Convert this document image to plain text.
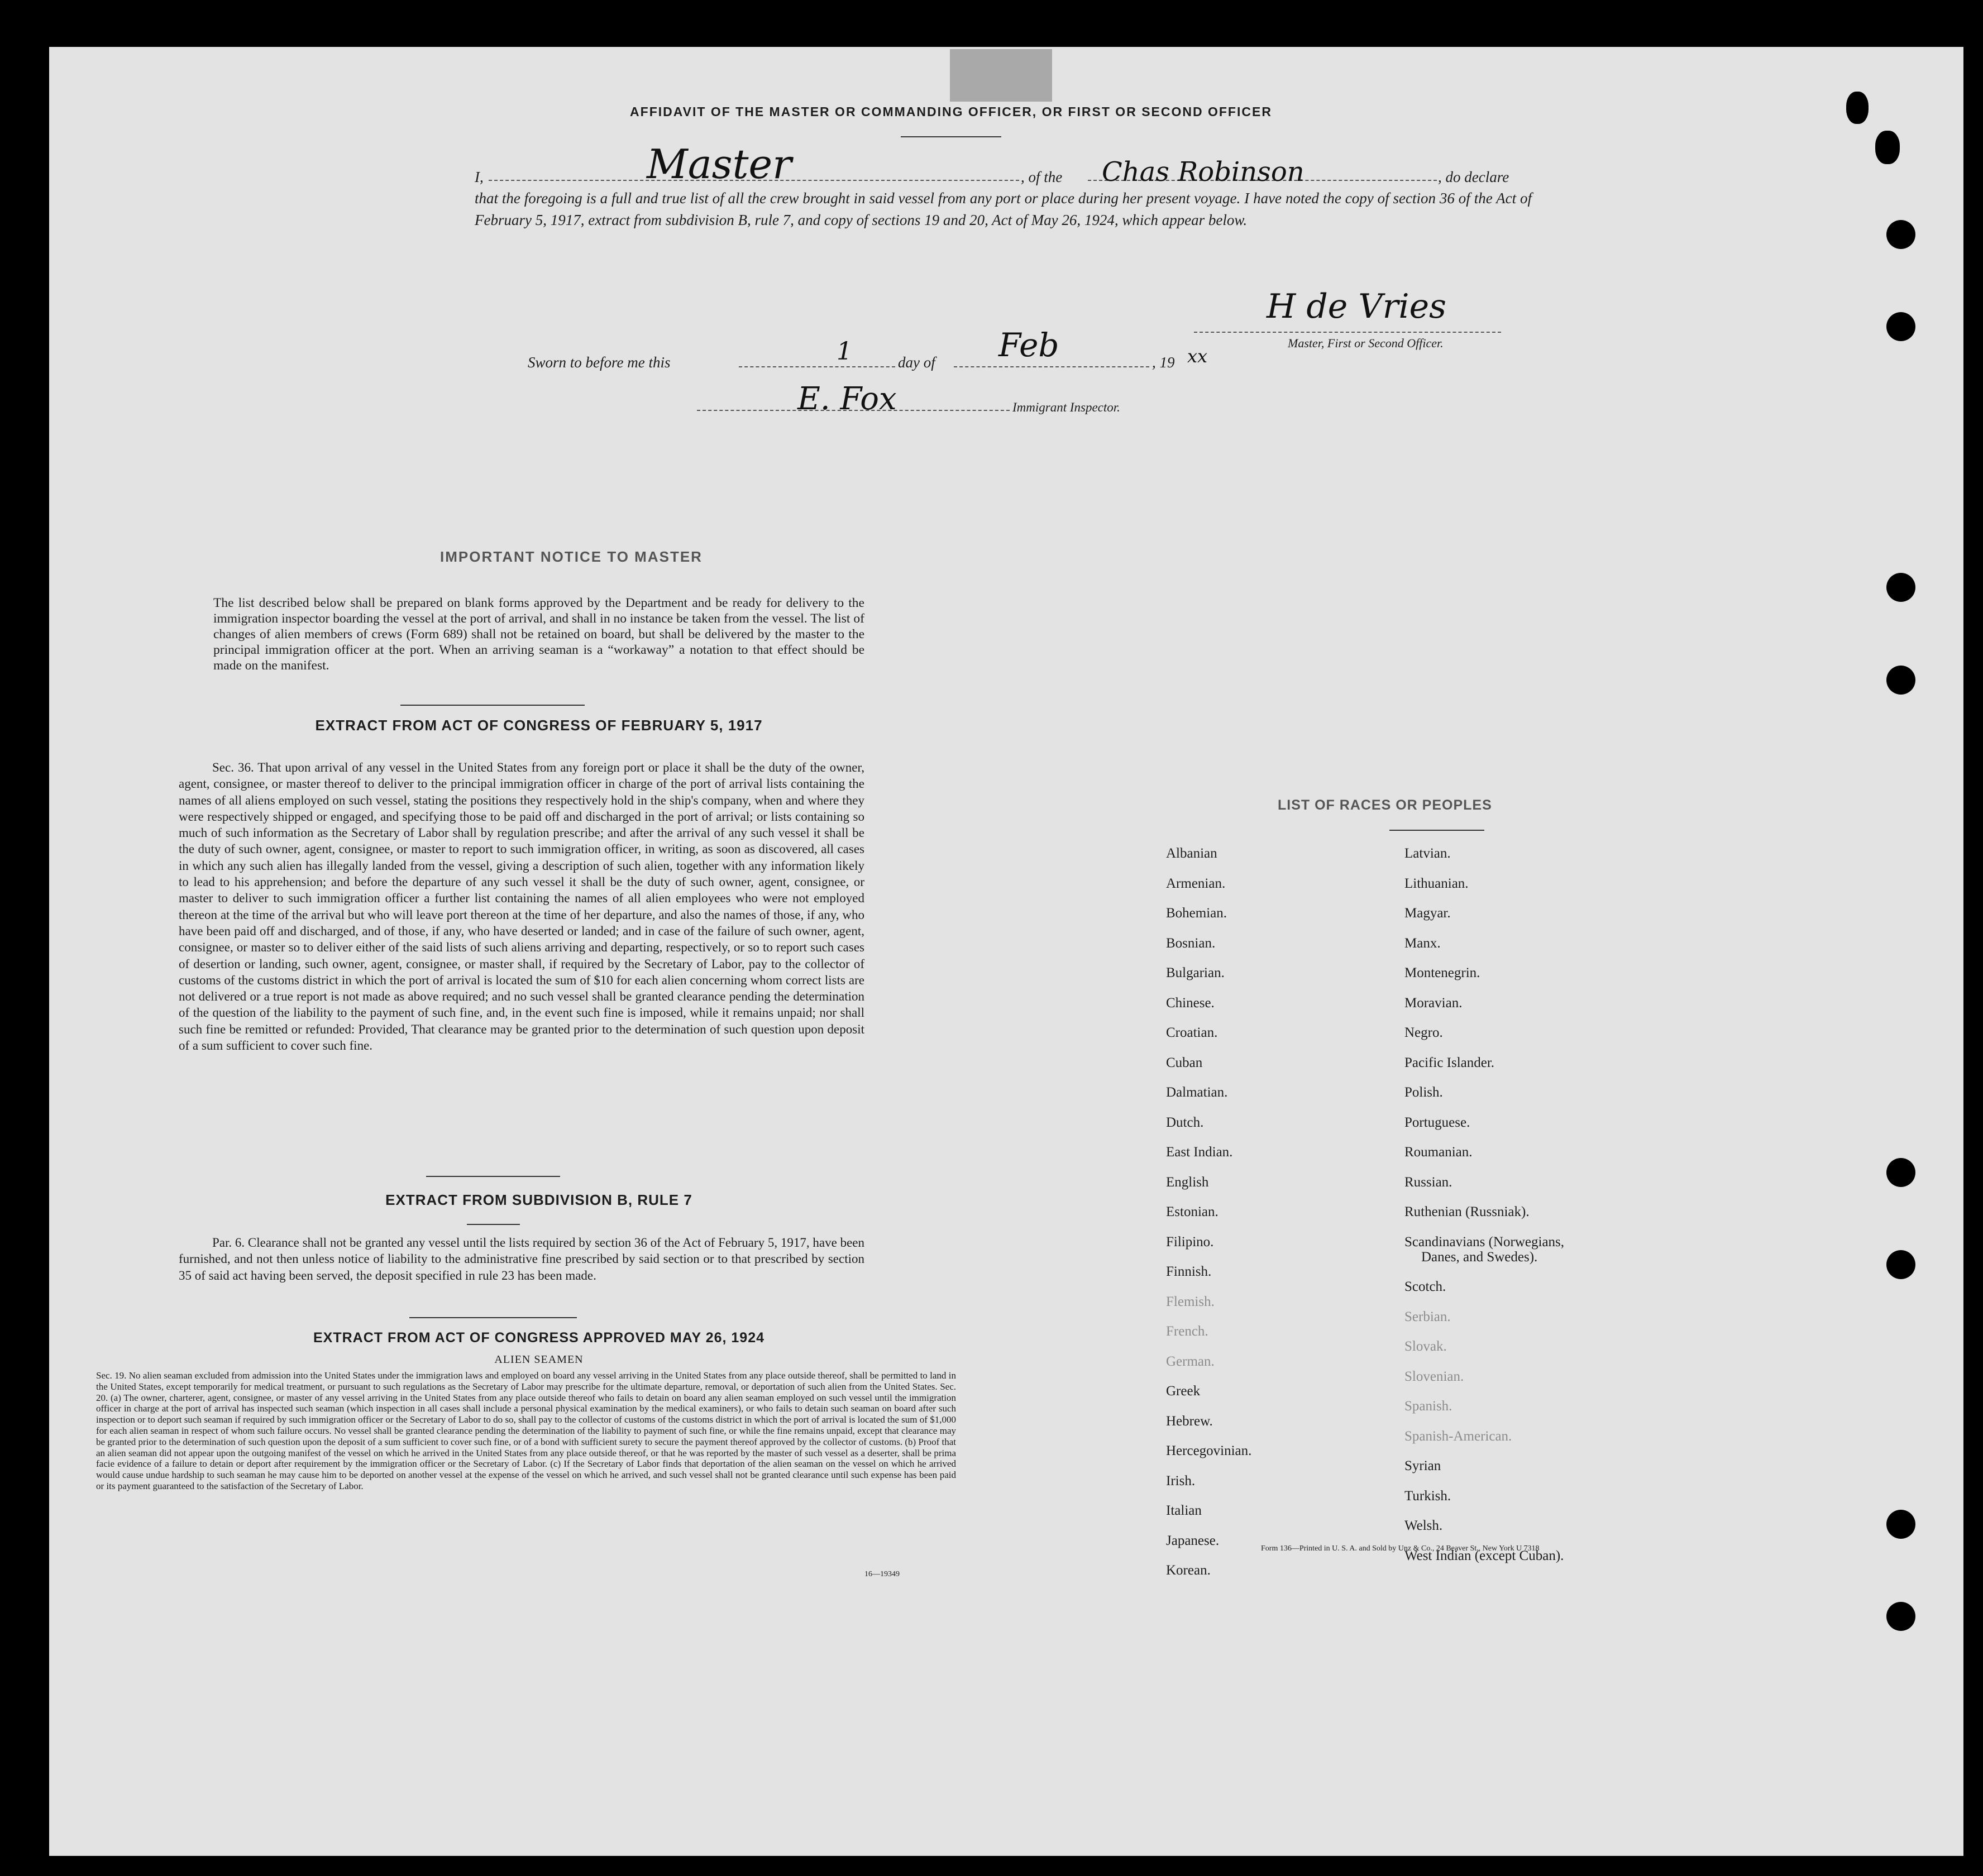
AFFIDAVIT OF THE MASTER OR COMMANDING OFFICER, OR FIRST OR SECOND OFFICER
I,	Master	, of the Chas Robinson	, do declare
that the foregoing is a full and true list of all the crew brought in said vessel from any port or place during her present voyage. I have noted the copy of section 36 of the Act of February 5, 1917, extract from subdivision B, rule 7, and copy of sections 19 and 20, Act of May 26, 1924, which appear below.
H de Vries
Master, First or Second Officer.
Sworn to before me this	1	day of Feb	, 19 xx
E. Fox	Immigrant Inspector.
IMPORTANT NOTICE TO MASTER
The list described below shall be prepared on blank forms approved by the Department and be ready for delivery to the immigration inspector boarding the vessel at the port of arrival, and shall in no instance be taken from the vessel. The list of changes of alien members of crews (Form 689) shall not be retained on board, but shall be delivered by the master to the principal immigration officer at the port. When an arriving seaman is a “workaway” a notation to that effect should be made on the manifest.
EXTRACT FROM ACT OF CONGRESS OF FEBRUARY 5, 1917
Sec. 36. That upon arrival of any vessel in the United States from any foreign port or place it shall be the duty of the owner, agent, consignee, or master thereof to deliver to the principal immigration officer in charge of the port of arrival lists containing the names of all aliens employed on such vessel, stating the positions they respectively hold in the ship's company, when and where they were respectively shipped or engaged, and specifying those to be paid off and discharged in the port of arrival; or lists containing so much of such information as the Secretary of Labor shall by regulation prescribe; and after the arrival of any such vessel it shall be the duty of such owner, agent, consignee, or master to report to such immigration officer, in writing, as soon as discovered, all cases in which any such alien has illegally landed from the vessel, giving a description of such alien, together with any information likely to lead to his apprehension; and before the departure of any such vessel it shall be the duty of such owner, agent, consignee, or master to deliver to such immigration officer a further list containing the names of all alien employees who were not employed thereon at the time of the arrival but who will leave port thereon at the time of her departure, and also the names of those, if any, who have been paid off and discharged, and of those, if any, who have deserted or landed; and in case of the failure of such owner, agent, consignee, or master so to deliver either of the said lists of such aliens arriving and departing, respectively, or so to report such cases of desertion or landing, such owner, agent, consignee, or master shall, if required by the Secretary of Labor, pay to the collector of customs of the customs district in which the port of arrival is located the sum of $10 for each alien concerning whom correct lists are not delivered or a true report is not made as above required; and no such vessel shall be granted clearance pending the determination of the question of the liability to the payment of such fine, and, in the event such fine is imposed, while it remains unpaid; nor shall such fine be remitted or refunded: Provided, That clearance may be granted prior to the determination of such question upon deposit of a sum sufficient to cover such fine.
EXTRACT FROM SUBDIVISION B, RULE 7
Par. 6. Clearance shall not be granted any vessel until the lists required by section 36 of the Act of February 5, 1917, have been furnished, and not then unless notice of liability to the administrative fine prescribed by said section or to that prescribed by section 35 of said act having been served, the deposit specified in rule 23 has been made.
EXTRACT FROM ACT OF CONGRESS APPROVED MAY 26, 1924
ALIEN SEAMEN
Sec. 19. No alien seaman excluded from admission into the United States under the immigration laws and employed on board any vessel arriving in the United States from any place outside thereof, shall be permitted to land in the United States, except temporarily for medical treatment, or pursuant to such regulations as the Secretary of Labor may prescribe for the ultimate departure, removal, or deportation of such alien from the United States. Sec. 20. (a) The owner, charterer, agent, consignee, or master of any vessel arriving in the United States from any place outside thereof who fails to detain on board any alien seaman employed on such vessel until the immigration officer in charge at the port of arrival has inspected such seaman (which inspection in all cases shall include a personal physical examination by the medical examiners), or who fails to detain such seaman on board after such inspection or to deport such seaman if required by such immigration officer or the Secretary of Labor to do so, shall pay to the collector of customs of the customs district in which the port of arrival is located the sum of $1,000 for each alien seaman in respect of whom such failure occurs. No vessel shall be granted clearance pending the determination of the liability to payment of such fine, or while the fine remains unpaid, except that clearance may be granted prior to the determination of such question upon the deposit of a sum sufficient to cover such fine, or of a bond with sufficient surety to secure the payment thereof approved by the collector of customs. (b) Proof that an alien seaman did not appear upon the outgoing manifest of the vessel on which he arrived in the United States from any place outside thereof, or that he was reported by the master of such vessel as a deserter, shall be prima facie evidence of a failure to detain or deport after requirement by the immigration officer or the Secretary of Labor. (c) If the Secretary of Labor finds that deportation of the alien seaman on the vessel on which he arrived would cause undue hardship to such seaman he may cause him to be deported on another vessel at the expense of the vessel on which he arrived, and such vessel shall not be granted clearance until such expense has been paid or its payment guaranteed to the satisfaction of the Secretary of Labor.
16—19349
LIST OF RACES OR PEOPLES
Albanian
Armenian.
Bohemian.
Bosnian.
Bulgarian.
Chinese.
Croatian.
Cuban
Dalmatian.
Dutch.
East Indian.
English
Estonian.
Filipino.
Finnish.
Flemish.
French.
German.
Greek
Hebrew.
Hercegovinian.
Irish.
Italian
Japanese.
Korean.
Latvian.
Lithuanian.
Magyar.
Manx.
Montenegrin.
Moravian.
Negro.
Pacific Islander.
Polish.
Portuguese.
Roumanian.
Russian.
Ruthenian (Russniak).
Scandinavians (Norwegians,
Danes, and Swedes).
Scotch.
Serbian.
Slovak.
Slovenian.
Spanish.
Spanish-American.
Syrian
Turkish.
Welsh.
West Indian (except Cuban).
Form 136—Printed in U. S. A. and Sold by Unz & Co., 24 Beaver St., New York U 7318
